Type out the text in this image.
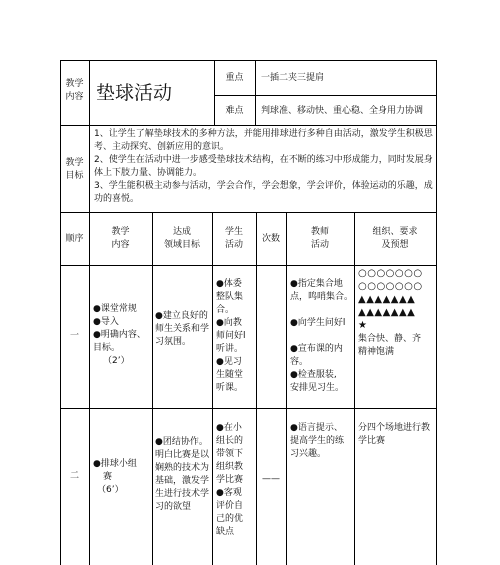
教学
内容 垫球活动
重点	一插二夹三提肩
难点	判球准、移动快、重心稳、全身用力协调
教学
目标
1、让学生了解垫球技术的多种方法，并能用排球进行多种自由活动，激发学生积极思
考、主动探究、创新应用的意识。
2、使学生在活动中进一步感受垫球技术结构，在不断的练习中形成能力，同时发展身
体上下肢力量、协调能力。
3、学生能积极主动参与活动，学会合作，学会想象，学会评价，体验运动的乐趣，成
功的喜悦。
顺序
教学
内容
达成
领域目标
学生
活动
次数
教师
活动
组织、要求
及预想
一

●课堂常规

●导入

●明确内容、

目标。

（2’）

●建立良好的

师生关系和学

习氛围。

●体委

整队集

合。

●向教

师问好l

听讲。

●见习

生随堂

听课。

●指定集合地

点，鸣哨集合。

●向学生问好l

●宣布课的内

容。

●检查服装,

安排见习生。

○○○○○○○

○○○○○○○

▲▲▲▲▲▲▲

▲▲▲▲▲▲▲

★

集合快、静、齐

精神饱满

二

●排球小组

赛

（6’）

●团结协作。

明白比赛是以

娴熟的技术为

基础，激发学

生进行技术学

习的欲望

●在小

组长的

带领下

组织教

学比赛

●客观

评价自

己的优

缺点

——

●语言提示、

提高学生的练

习兴趣。

分四个场地进行教

学比赛
